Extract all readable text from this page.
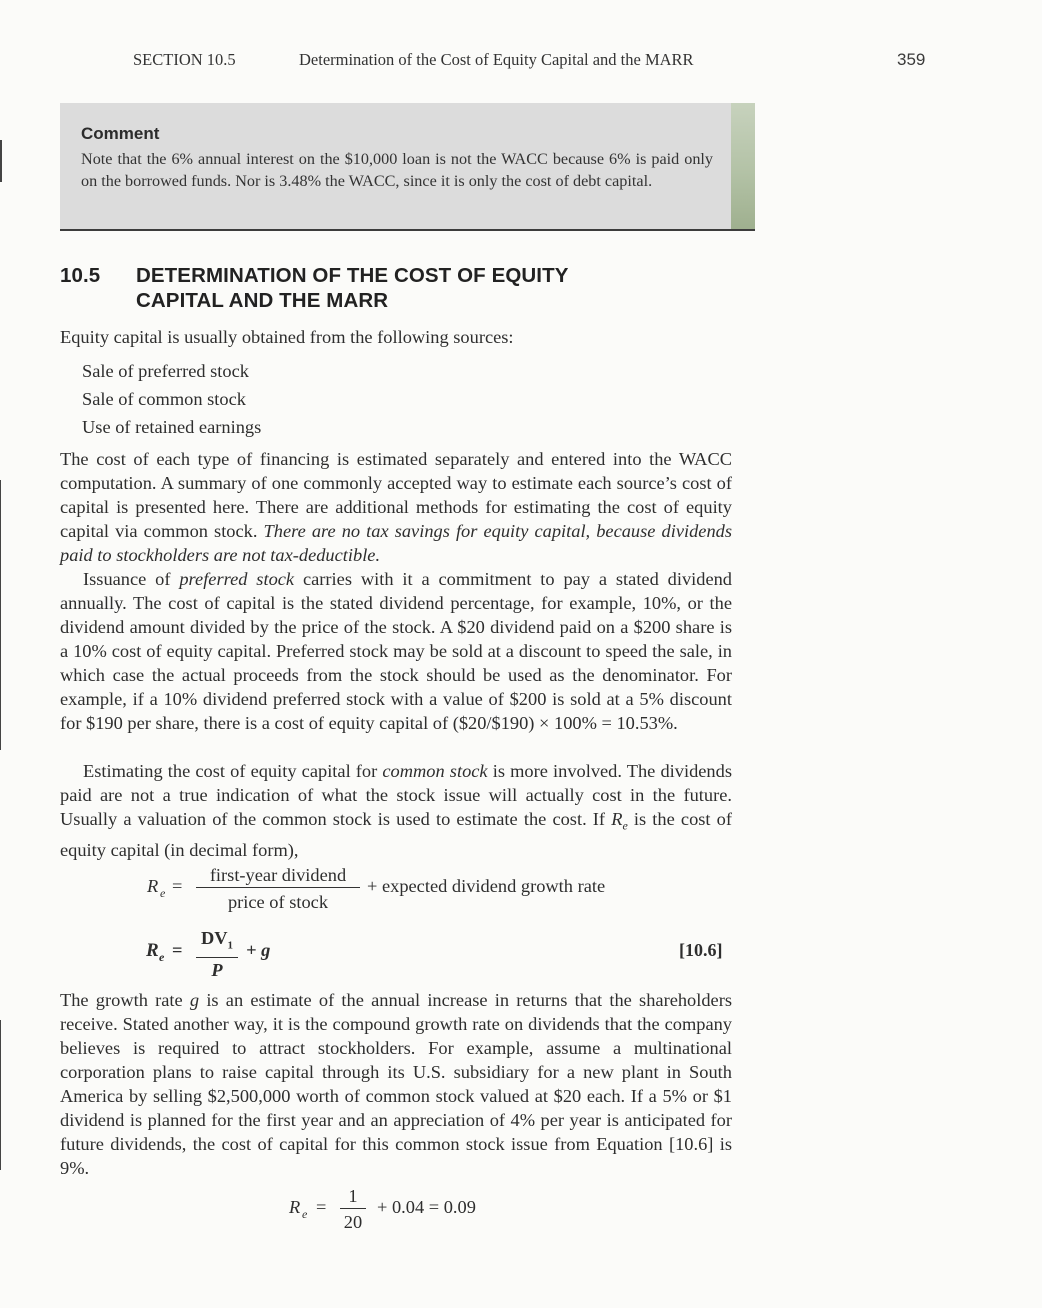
SECTION 10.5	Determination of the Cost of Equity Capital and the MARR	359

Comment

Note that the 6% annual interest on the $10,000 loan is not the WACC because 6% is paid only on the borrowed funds. Nor is 3.48% the WACC, since it is only the cost of debt capital.

10.5 DETERMINATION OF THE COST OF EQUITY
CAPITAL AND THE MARR

Equity capital is usually obtained from the following sources:

Sale of preferred stock
Sale of common stock
Use of retained earnings

The cost of each type of financing is estimated separately and entered into the WACC computation. A summary of one commonly accepted way to estimate each source’s cost of capital is presented here. There are additional methods for estimating the cost of equity capital via common stock. There are no tax savings for equity capital, because dividends paid to stockholders are not tax-deductible.

Issuance of preferred stock carries with it a commitment to pay a stated dividend annually. The cost of capital is the stated dividend percentage, for example, 10%, or the dividend amount divided by the price of the stock. A $20 dividend paid on a $200 share is a 10% cost of equity capital. Preferred stock may be sold at a discount to speed the sale, in which case the actual proceeds from the stock should be used as the denominator. For example, if a 10% dividend preferred stock with a value of $200 is sold at a 5% discount for $190 per share, there is a cost of equity capital of ($20/$190) × 100% = 10.53%.

Estimating the cost of equity capital for common stock is more involved. The dividends paid are not a true indication of what the stock issue will actually cost in the future. Usually a valuation of the common stock is used to estimate the cost. If $R_e$ is the cost of equity capital (in decimal form),

R e =
first-year dividend
price of stock
+ expected dividend growth rate
R $e = \frac{DV_1}{P} + g$	[10.6]

The growth rate g is an estimate of the annual increase in returns that the shareholders receive. Stated another way, it is the compound growth rate on dividends that the company believes is required to attract stockholders. For example, assume a multinational corporation plans to raise capital through its U.S. subsidiary for a new plant in South America by selling $2,500,000 worth of common stock valued at $20 each. If a 5% or $1 dividend is planned for the first year and an appreciation of 4% per year is anticipated for future dividends, the cost of capital for this common stock issue from Equation [10.6] is 9%.

R $e = \frac{1}{20} + 0.04 = 0.09$
